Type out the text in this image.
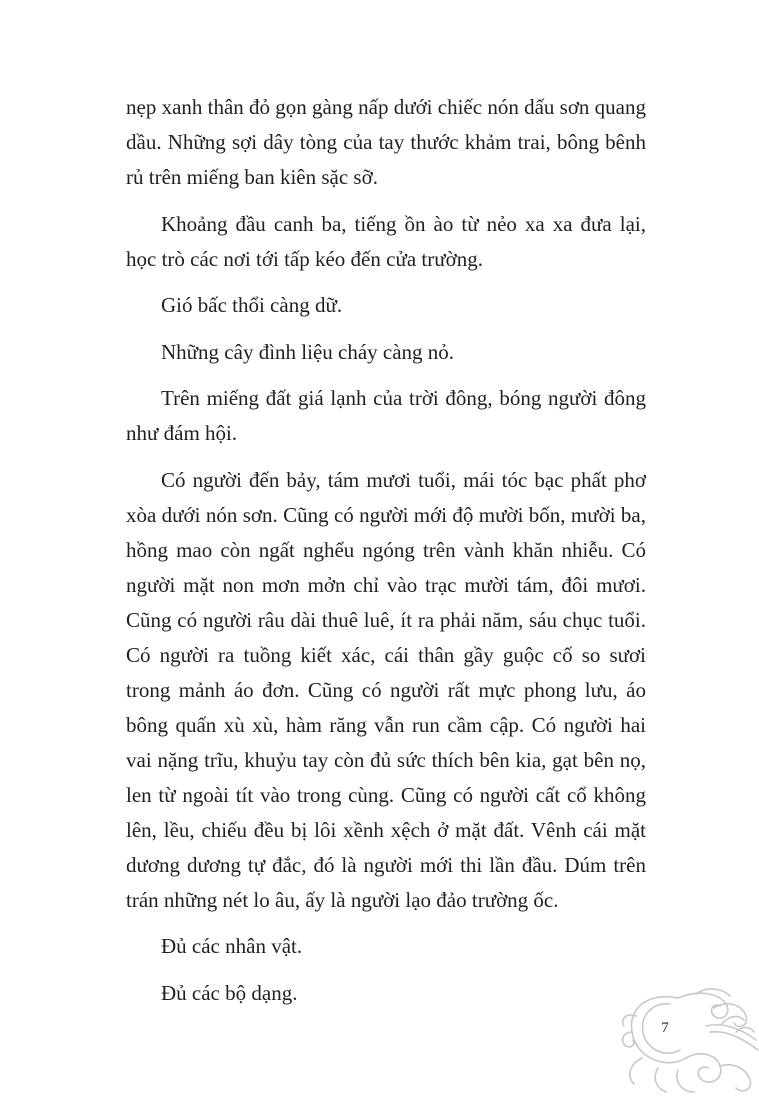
nẹp xanh thân đỏ gọn gàng nấp dưới chiếc nón dấu sơn quang dầu. Những sợi dây tòng của tay thước khảm trai, bông bênh rủ trên miếng ban kiên sặc sỡ.

Khoảng đầu canh ba, tiếng ồn ào từ nẻo xa xa đưa lại, học trò các nơi tới tấp kéo đến cửa trường.

Gió bấc thổi càng dữ.

Những cây đình liệu cháy càng nỏ.

Trên miếng đất giá lạnh của trời đông, bóng người đông như đám hội.

Có người đến bảy, tám mươi tuổi, mái tóc bạc phất phơ xòa dưới nón sơn. Cũng có người mới độ mười bốn, mười ba, hồng mao còn ngất nghểu ngóng trên vành khăn nhiễu. Có người mặt non mơn mởn chỉ vào trạc mười tám, đôi mươi. Cũng có người râu dài thuê luê, ít ra phải năm, sáu chục tuổi. Có người ra tuồng kiết xác, cái thân gầy guộc cố so sươi trong mảnh áo đơn. Cũng có người rất mực phong lưu, áo bông quấn xù xù, hàm răng vẫn run cầm cập. Có người hai vai nặng trĩu, khuỷu tay còn đủ sức thích bên kia, gạt bên nọ, len từ ngoài tít vào trong cùng. Cũng có người cất cổ không lên, lều, chiếu đều bị lôi xềnh xệch ở mặt đất. Vênh cái mặt dương dương tự đắc, đó là người mới thi lần đầu. Dúm trên trán những nét lo âu, ấy là người lạo đảo trường ốc.

Đủ các nhân vật.

Đủ các bộ dạng.

7
